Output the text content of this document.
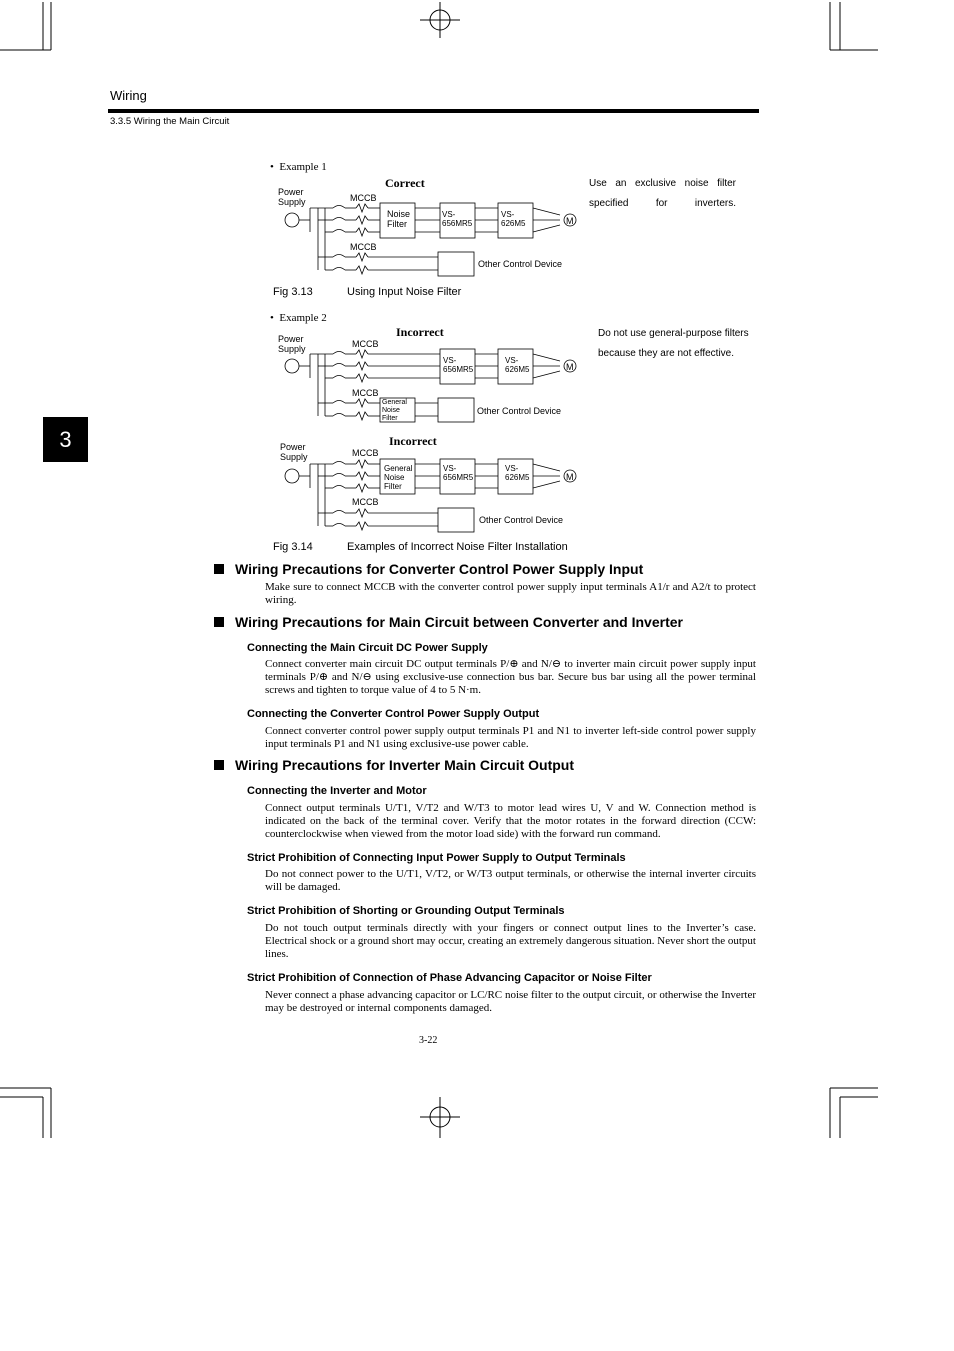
Wiring
3.3.5 Wiring the Main Circuit
3
•  Example 1
Correct
Power
Supply	MCCB
MCCB
Noise
Filter
VS-
656MR5
VS-
626M5	M
Other Control Device
Use an exclusive noise filter specified for inverters.
Fig 3.13	Using Input Noise Filter
•  Example 2
Incorrect
Power
Supply	MCCB
MCCB
VS-
656MR5
VS-
626M5	M
General
Noise
Filter
Other Control Device
Incorrect
Power
Supply	MCCB
MCCB
General
Noise
Filter
VS-
656MR5
VS-
626M5	M
Other Control Device
Do not use general-purpose filters because they are not effective.
Fig 3.14	Examples of Incorrect Noise Filter Installation
Wiring Precautions for Converter Control Power Supply Input
Make sure to connect MCCB with the converter control power supply input terminals A1/r and A2/t to protect wiring.
Wiring Precautions for Main Circuit between Converter and Inverter
Connecting the Main Circuit DC Power Supply
Connect converter main circuit DC output terminals P/⊕ and N/⊖ to inverter main circuit power supply input terminals P/⊕ and N/⊖ using exclusive-use connection bus bar. Secure bus bar using all the power terminal screws and tighten to torque value of 4 to 5 N·m.
Connecting the Converter Control Power Supply Output
Connect converter control power supply output terminals P1 and N1 to inverter left-side control power supply input terminals P1 and N1 using exclusive-use power cable.
Wiring Precautions for Inverter Main Circuit Output
Connecting the Inverter and Motor
Connect output terminals U/T1, V/T2 and W/T3 to motor lead wires U, V and W. Connection method is indicated on the back of the terminal cover. Verify that the motor rotates in the forward direction (CCW: counterclockwise when viewed from the motor load side) with the forward run command.
Strict Prohibition of Connecting Input Power Supply to Output Terminals
Do not connect power to the U/T1, V/T2, or W/T3 output terminals, or otherwise the internal inverter circuits will be damaged.
Strict Prohibition of Shorting or Grounding Output Terminals
Do not touch output terminals directly with your fingers or connect output lines to the Inverter’s case. Electrical shock or a ground short may occur, creating an extremely dangerous situation. Never short the output lines.
Strict Prohibition of Connection of Phase Advancing Capacitor or Noise Filter
Never connect a phase advancing capacitor or LC/RC noise filter to the output circuit, or otherwise the Inverter may be destroyed or internal components damaged.
3-22
